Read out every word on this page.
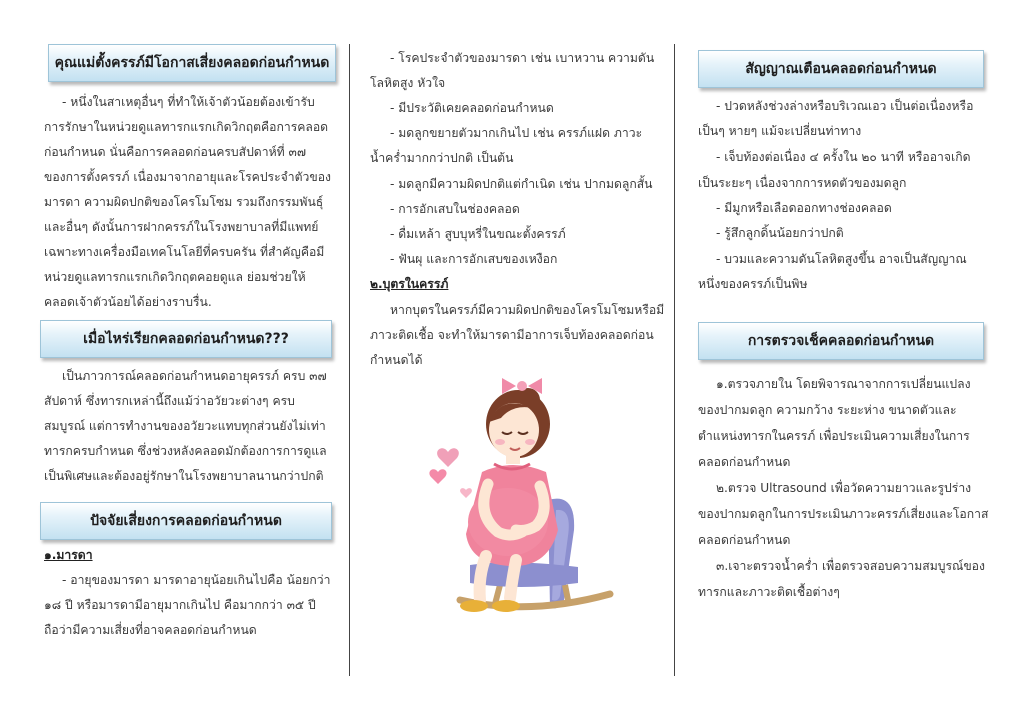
คุณแม่ตั้งครรภ์มีโอกาสเสี่ยงคลอดก่อนกำหนด

- หนึ่งในสาเหตุอื่นๆ ที่ทำให้เจ้าตัวน้อยต้องเข้ารับ

การรักษาในหน่วยดูแลทารกแรกเกิดวิกฤตคือการคลอด

ก่อนกำหนด นั่นคือการคลอดก่อนครบสัปดาห์ที่ ๓๗

ของการตั้งครรภ์ เนื่องมาจากอายุและโรคประจำตัวของ

มารดา ความผิดปกติของโครโมโซม รวมถึงกรรมพันธุ์

และอื่นๆ ดังนั้นการฝากครรภ์ในโรงพยาบาลที่มีแพทย์

เฉพาะทางเครื่องมือเทคโนโลยีที่ครบครัน ที่สำคัญคือมี

หน่วยดูแลทารกแรกเกิดวิกฤตคอยดูแล ย่อมช่วยให้

คลอดเจ้าตัวน้อยได้อย่างราบรื่น.

เมื่อไหร่เรียกคลอดก่อนกำหนด???

เป็นภาวการณ์คลอดก่อนกำหนดอายุครรภ์ ครบ ๓๗

สัปดาห์ ซึ่งทารกเหล่านี้ถึงแม้ว่าอวัยวะต่างๆ ครบ

สมบูรณ์ แต่การทำงานของอวัยวะแทบทุกส่วนยังไม่เท่า

ทารกครบกำหนด ซึ่งช่วงหลังคลอดมักต้องการการดูแล

เป็นพิเศษและต้องอยู่รักษาในโรงพยาบาลนานกว่าปกติ

ปัจจัยเสี่ยงการคลอดก่อนกำหนด

๑.มารดา

- อายุของมารดา มารดาอายุน้อยเกินไปคือ น้อยกว่า

๑๘ ปี หรือมารดามีอายุมากเกินไป คือมากกว่า ๓๕ ปี

ถือว่ามีความเสี่ยงที่อาจคลอดก่อนกำหนด

- โรคประจำตัวของมารดา เช่น เบาหวาน ความดัน

โลหิตสูง หัวใจ

- มีประวัติเคยคลอดก่อนกำหนด

- มดลูกขยายตัวมากเกินไป เช่น ครรภ์แฝด ภาวะ

น้ำคร่ำมากกว่าปกติ เป็นต้น

- มดลูกมีความผิดปกติแต่กำเนิด เช่น ปากมดลูกสั้น

- การอักเสบในช่องคลอด

- ดื่มเหล้า สูบบุหรี่ในขณะตั้งครรภ์

- ฟันผุ และการอักเสบของเหงือก

๒.บุตรในครรภ์

หากบุตรในครรภ์มีความผิดปกติของโครโมโซมหรือมี

ภาวะติดเชื้อ จะทำให้มารดามีอาการเจ็บท้องคลอดก่อน

กำหนดได้

สัญญาณเตือนคลอดก่อนกำหนด

- ปวดหลังช่วงล่างหรือบริเวณเอว เป็นต่อเนื่องหรือ

เป็นๆ หายๆ แม้จะเปลี่ยนท่าทาง

- เจ็บท้องต่อเนื่อง ๔ ครั้งใน ๒๐ นาที หรืออาจเกิด

เป็นระยะๆ เนื่องจากการหดตัวของมดลูก

- มีมูกหรือเลือดออกทางช่องคลอด

- รู้สึกลูกดิ้นน้อยกว่าปกติ

- บวมและความดันโลหิตสูงขึ้น อาจเป็นสัญญาณ

หนึ่งของครรภ์เป็นพิษ

การตรวจเช็คคลอดก่อนกำหนด

๑.ตรวจภายใน โดยพิจารณาจากการเปลี่ยนแปลง

ของปากมดลูก ความกว้าง ระยะห่าง ขนาดตัวและ

ตำแหน่งทารกในครรภ์ เพื่อประเมินความเสี่ยงในการ

คลอดก่อนกำหนด

๒.ตรวจ Ultrasound เพื่อวัดความยาวและรูปร่าง

ของปากมดลูกในการประเมินภาวะครรภ์เสี่ยงและโอกาส

คลอดก่อนกำหนด

๓.เจาะตรวจน้ำคร่ำ เพื่อตรวจสอบความสมบูรณ์ของ

ทารกและภาวะติดเชื้อต่างๆ
